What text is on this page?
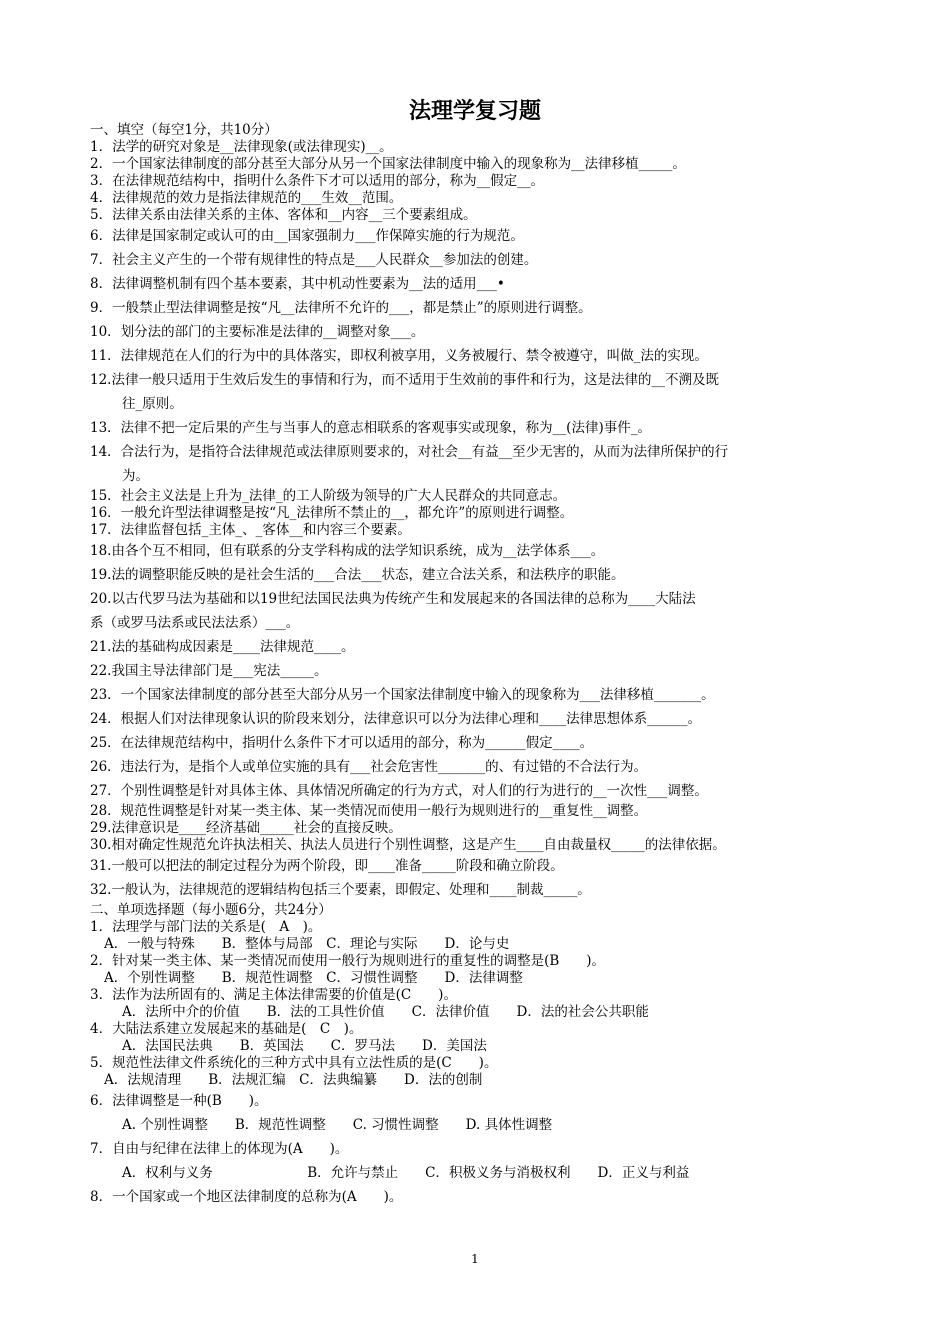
法理学复习题
一、填空（每空1分，共10分）
1．法学的研究对象是__法律现象(或法律现实)__。
2．一个国家法律制度的部分甚至大部分从另一个国家法律制度中输入的现象称为__法律移植_____。
3．在法律规范结构中，指明什么条件下才可以适用的部分，称为__假定__。
4．法律规范的效力是指法律规范的___生效__范围。
5．法律关系由法律关系的主体、客体和__内容__三个要素组成。
6．法律是国家制定或认可的由__国家强制力___作保障实施的行为规范。
7．社会主义产生的一个带有规律性的特点是___人民群众__参加法的创建。
8．法律调整机制有四个基本要素，其中机动性要素为__法的适用___•
9．一般禁止型法律调整是按“凡__法律所不允许的___，都是禁止”的原则进行调整。
10．划分法的部门的主要标准是法律的__调整对象___。
11．法律规范在人们的行为中的具体落实，即权利被享用，义务被履行、禁令被遵守，叫做_法的实现。
12.法律一般只适用于生效后发生的事情和行为，而不适用于生效前的事件和行为，这是法律的__不溯及既
往_原则。
13．法律不把一定后果的产生与当事人的意志相联系的客观事实或现象，称为__(法律)事件_。
14．合法行为，是指符合法律规范或法律原则要求的，对社会__有益__至少无害的，从而为法律所保护的行
为。
15．社会主义法是上升为_法律_的工人阶级为领导的广大人民群众的共同意志。
16．一般允许型法律调整是按“凡_法律所不禁止的__，都允许”的原则进行调整。
17．法律监督包括_主体_、_客体__和内容三个要素。
18.由各个互不相同，但有联系的分支学科构成的法学知识系统，成为__法学体系___。
19.法的调整职能反映的是社会生活的___合法___状态，建立合法关系，和法秩序的职能。
20.以古代罗马法为基础和以19世纪法国民法典为传统产生和发展起来的各国法律的总称为____大陆法
系（或罗马法系或民法法系）___。
21.法的基础构成因素是____法律规范____。
22.我国主导法律部门是___宪法_____。
23．一个国家法律制度的部分甚至大部分从另一个国家法律制度中输入的现象称为___法律移植_______。
24．根据人们对法律现象认识的阶段来划分，法律意识可以分为法律心理和____法律思想体系______。
25．在法律规范结构中，指明什么条件下才可以适用的部分，称为______假定____。
26．违法行为，是指个人或单位实施的具有___社会危害性_______的、有过错的不合法行为。
27．个别性调整是针对具体主体、具体情况所确定的行为方式，对人们的行为进行的__一次性___调整。
28．规范性调整是针对某一类主体、某一类情况而使用一般行为规则进行的__重复性__调整。
29.法律意识是____经济基础_____社会的直接反映。
30.相对确定性规范允许执法相关、执法人员进行个别性调整，这是产生____自由裁量权_____的法律依据。
31.一般可以把法的制定过程分为两个阶段，即____准备_____阶段和确立阶段。
32.一般认为，法律规范的逻辑结构包括三个要素，即假定、处理和____制裁_____。
二、单项选择题（每小题6分，共24分）
1．法理学与部门法的关系是(　A　)。
A．一般与特殊　　B．整体与局部　C．理论与实际　　D．论与史
2．针对某一类主体、某一类情况而使用一般行为规则进行的重复性的调整是(B　　)。
A．个别性调整　　B．规范性调整　C．习惯性调整　　D．法律调整
3．法作为法所固有的、满足主体法律需要的价值是(C　　)。
A．法所中介的价值　　B．法的工具性价值　　C．法律价值　　D．法的社会公共职能
4．大陆法系建立发展起来的基础是(　C　)。
A．法国民法典　　B．英国法　　C．罗马法　　D．美国法
5．规范性法律文件系统化的三种方式中具有立法性质的是(C　　)。
A．法规清理　　B．法规汇编　C．法典编纂　　D．法的创制
6．法律调整是一种(B　　)。
A. 个别性调整　　B．规范性调整　　C. 习惯性调整　　D. 具体性调整
7．自由与纪律在法律上的体现为(A　　)。
A．权利与义务　　　　　　　B．允许与禁止　　C．积极义务与消极权利　　D．正义与利益
8．一个国家或一个地区法律制度的总称为(A　　)。
1
